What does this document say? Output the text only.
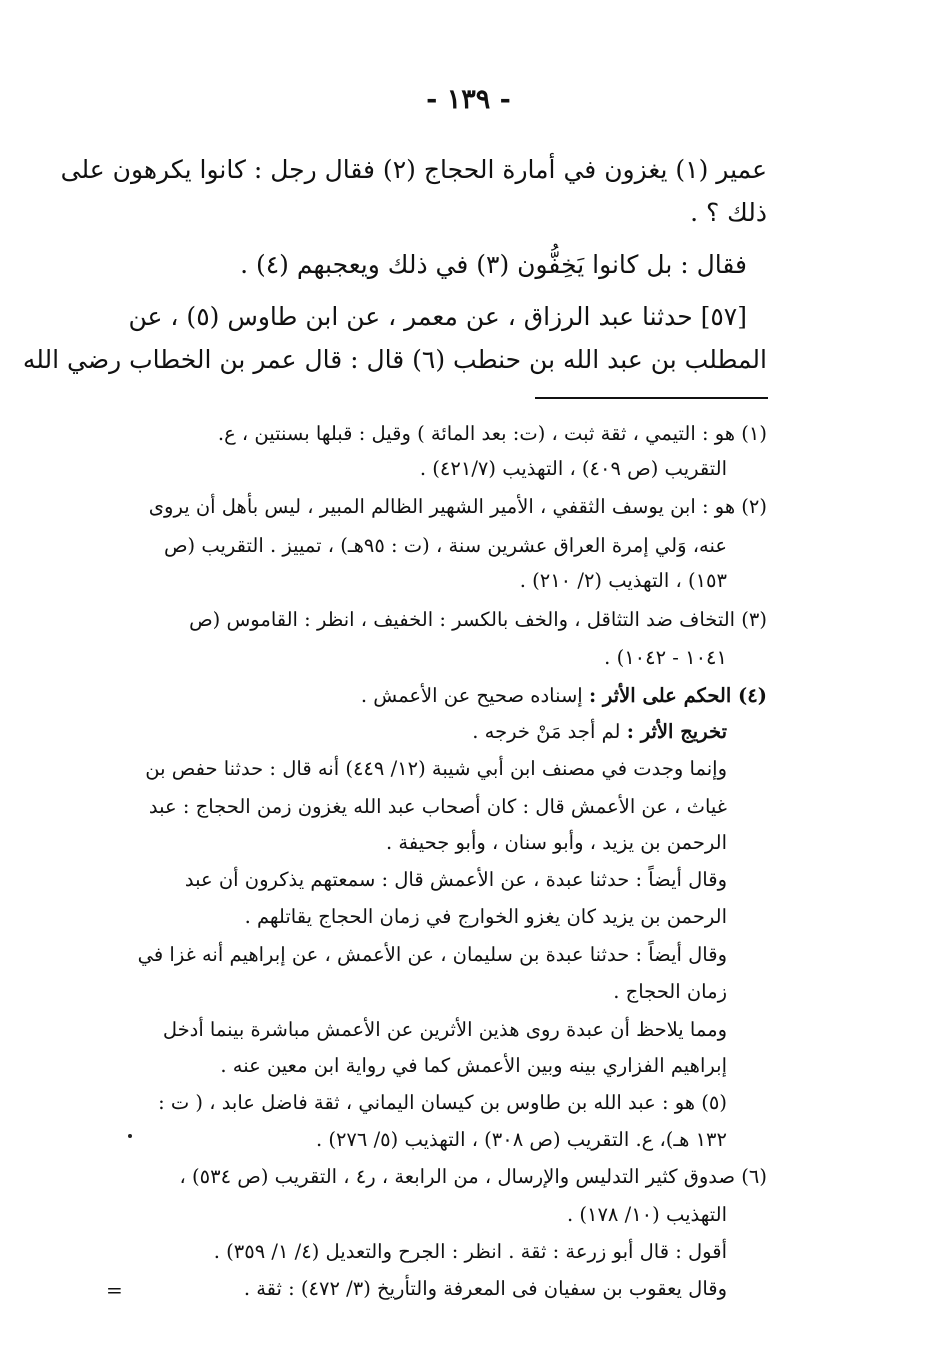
- ١٣٩ -
عمير (١) يغزون في أمارة الحجاج (٢) فقال رجل : كانوا يكرهون على
ذلك ؟ .
فقال : بل كانوا يَخِفُّون (٣) في ذلك ويعجبهم (٤) .
[٥٧] حدثنا عبد الرزاق ، عن معمر ، عن ابن طاوس (٥) ، عن
المطلب بن عبد الله بن حنطب (٦) قال : قال عمر بن الخطاب رضي الله
(١) هو : التيمي ، ثقة ثبت ، (ت: بعد المائة ) وقيل : قبلها بسنتين ، ع.
التقريب (ص ٤٠٩) ، التهذيب (٤٢١/٧) .
(٢) هو : ابن يوسف الثقفي ، الأمير الشهير الظالم المبير ، ليس بأهل أن يروى
عنه، وَلي إمرة العراق عشرين سنة ، (ت : ٩٥هـ) ، تمييز . التقريب (ص
١٥٣) ، التهذيب (٢/ ٢١٠) .
(٣) التخاف ضد التثاقل ، والخف بالكسر : الخفيف ، انظر : القاموس (ص
١٠٤١ - ١٠٤٢) .
(٤) الحكم على الأثر : إسناده صحيح عن الأعمش .
تخريج الأثر : لم أجد مَنْ خرجه .
وإنما وجدت في مصنف ابن أبي شيبة (١٢/ ٤٤٩) أنه قال : حدثنا حفص بن
غياث ، عن الأعمش قال : كان أصحاب عبد الله يغزون زمن الحجاج : عبد
الرحمن بن يزيد ، وأبو سنان ، وأبو جحيفة .
وقال أيضاً : حدثنا عبدة ، عن الأعمش قال : سمعتهم يذكرون أن عبد
الرحمن بن يزيد كان يغزو الخوارج في زمان الحجاج يقاتلهم .
وقال أيضاً : حدثنا عبدة بن سليمان ، عن الأعمش ، عن إبراهيم أنه غزا في
زمان الحجاج .
ومما يلاحظ أن عبدة روى هذين الأثرين عن الأعمش مباشرة بينما أدخل
إبراهيم الفزاري بينه وبين الأعمش كما في رواية ابن معين عنه .
(٥) هو : عبد الله بن طاوس بن كيسان اليماني ، ثقة فاضل عابد ، ( ت :
١٣٢ هـ)، ع. التقريب (ص ٣٠٨) ، التهذيب (٥/ ٢٧٦) .
(٦) صدوق كثير التدليس والإرسال ، من الرابعة ، ر٤ ، التقريب (ص ٥٣٤) ،
التهذيب (١٠/ ١٧٨) .
أقول : قال أبو زرعة : ثقة . انظر : الجرح والتعديل (٤/ ١/ ٣٥٩) .
وقال يعقوب بن سفيان فى المعرفة والتأريخ (٣/ ٤٧٢) : ثقة .
=
